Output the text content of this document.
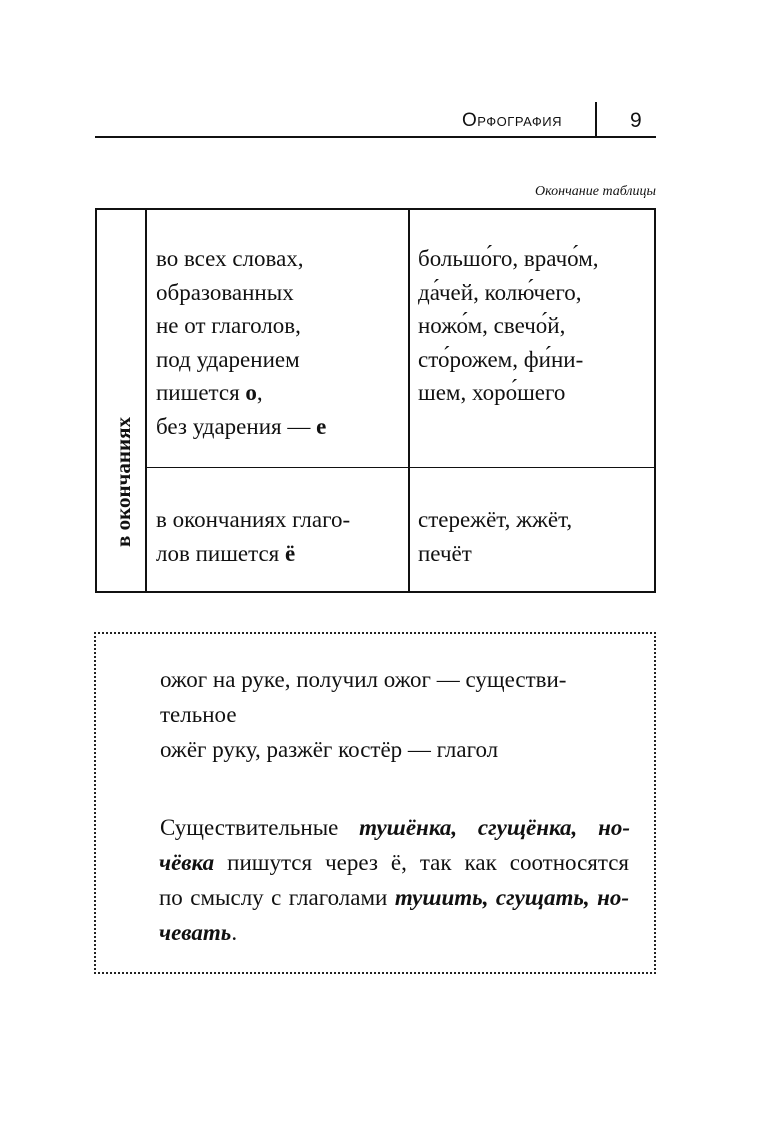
Орфография	9
Окончание таблицы
в окончаниях
во всех словах,
образованных
не от глаголов,
под ударением
пишется о,
без ударения — е
большо́го, врачо́м,
да́чей, колю́чего,
ножо́м, свечо́й,
сто́рожем, фи́ни-
шем, хоро́шего
в окончаниях глаго-
лов пишется ё
стережёт, жжёт,
печёт
ожог на руке, получил ожог — существи-
тельное
ожёг руку, разжёг костёр — глагол
Существительные тушёнка, сгущёнка, но-
чёвка пишутся через ё, так как соотносятся
по смыслу с глаголами тушить, сгущать, но-
чевать.
